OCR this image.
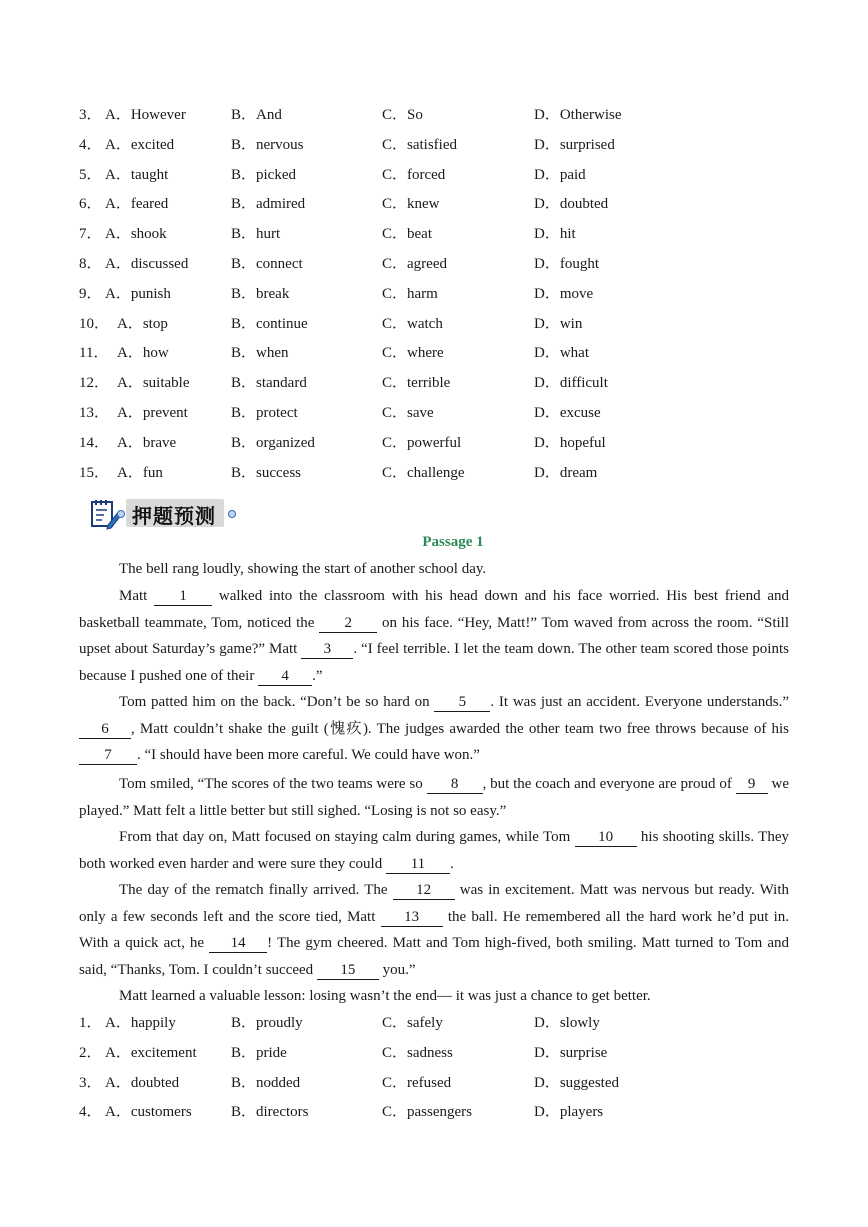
3． A．However	B．And	C．So	D．Otherwise
4． A．excited	B．nervous	C．satisfied	D．surprised
5． A．taught	B．picked	C．forced	D．paid
6． A．feared	B．admired	C．knew	D．doubted
7． A．shook	B．hurt	C．beat	D．hit
8． A．discussed	B．connect	C．agreed	D．fought
9． A．punish	B．break	C．harm	D．move
10． A．stop	B．continue	C．watch	D．win
11． A．how	B．when	C．where	D．what
12． A．suitable	B．standard	C．terrible	D．difficult
13． A．prevent	B．protect	C．save	D．excuse
14． A．brave	B．organized	C．powerful	D．hopeful
15． A．fun	B．success	C．challenge	D．dream
押题预测
Passage 1
The bell rang loudly, showing the start of another school day.
Matt 1 walked into the classroom with his head down and his face worried. His best friend and basketball teammate, Tom, noticed the 2 on his face. “Hey, Matt!” Tom waved from across the room. “Still upset about Saturday’s game?” Matt 3 . “I feel terrible. I let the team down. The other team scored those points because I pushed one of their 4 .”
Tom patted him on the back. “Don’t be so hard on 5 . It was just an accident. Everyone understands.” 6 , Matt couldn’t shake the guilt (愧疚). The judges awarded the other team two free throws because of his 7 . “I should have been more careful. We could have won.”
Tom smiled, “The scores of the two teams were so 8 , but the coach and everyone are proud of 9 we played.” Matt felt a little better but still sighed. “Losing is not so easy.”
From that day on, Matt focused on staying calm during games, while Tom 10 his shooting skills. They both worked even harder and were sure they could 11 .
The day of the rematch finally arrived. The 12 was in excitement. Matt was nervous but ready. With only a few seconds left and the score tied, Matt 13 the ball. He remembered all the hard work he’d put in. With a quick act, he 14 ! The gym cheered. Matt and Tom high-fived, both smiling. Matt turned to Tom and said, “Thanks, Tom. I couldn’t succeed 15 you.”
Matt learned a valuable lesson: losing wasn’t the end— it was just a chance to get better.
1． A．happily	B．proudly	C．safely	D．slowly
2． A．excitement B．pride	C．sadness	D．surprise
3． A．doubted	B．nodded	C．refused	D．suggested
4． A．customers	B．directors	C．passengers	D．players
